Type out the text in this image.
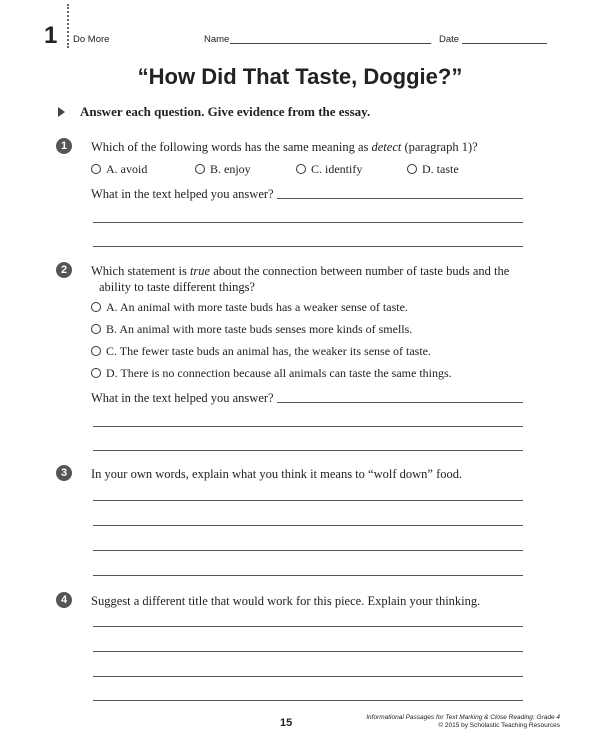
1 Do More	Name	Date
“How Did That Taste, Doggie?”
Answer each question. Give evidence from the essay.
1	Which of the following words has the same meaning as detect (paragraph 1)?
A. avoid	B. enjoy	C. identify	D. taste
What in the text helped you answer?
2	Which statement is true about the connection between number of taste buds and the
ability to taste different things?
A. An animal with more taste buds has a weaker sense of taste.
B. An animal with more taste buds senses more kinds of smells.
C. The fewer taste buds an animal has, the weaker its sense of taste.
D. There is no connection because all animals can taste the same things.
What in the text helped you answer?
3	In your own words, explain what you think it means to “wolf down” food.
4	Suggest a different title that would work for this piece. Explain your thinking.
15	Informational Passages for Text Marking & Close Reading: Grade 4
© 2015 by Scholastic Teaching Resources
